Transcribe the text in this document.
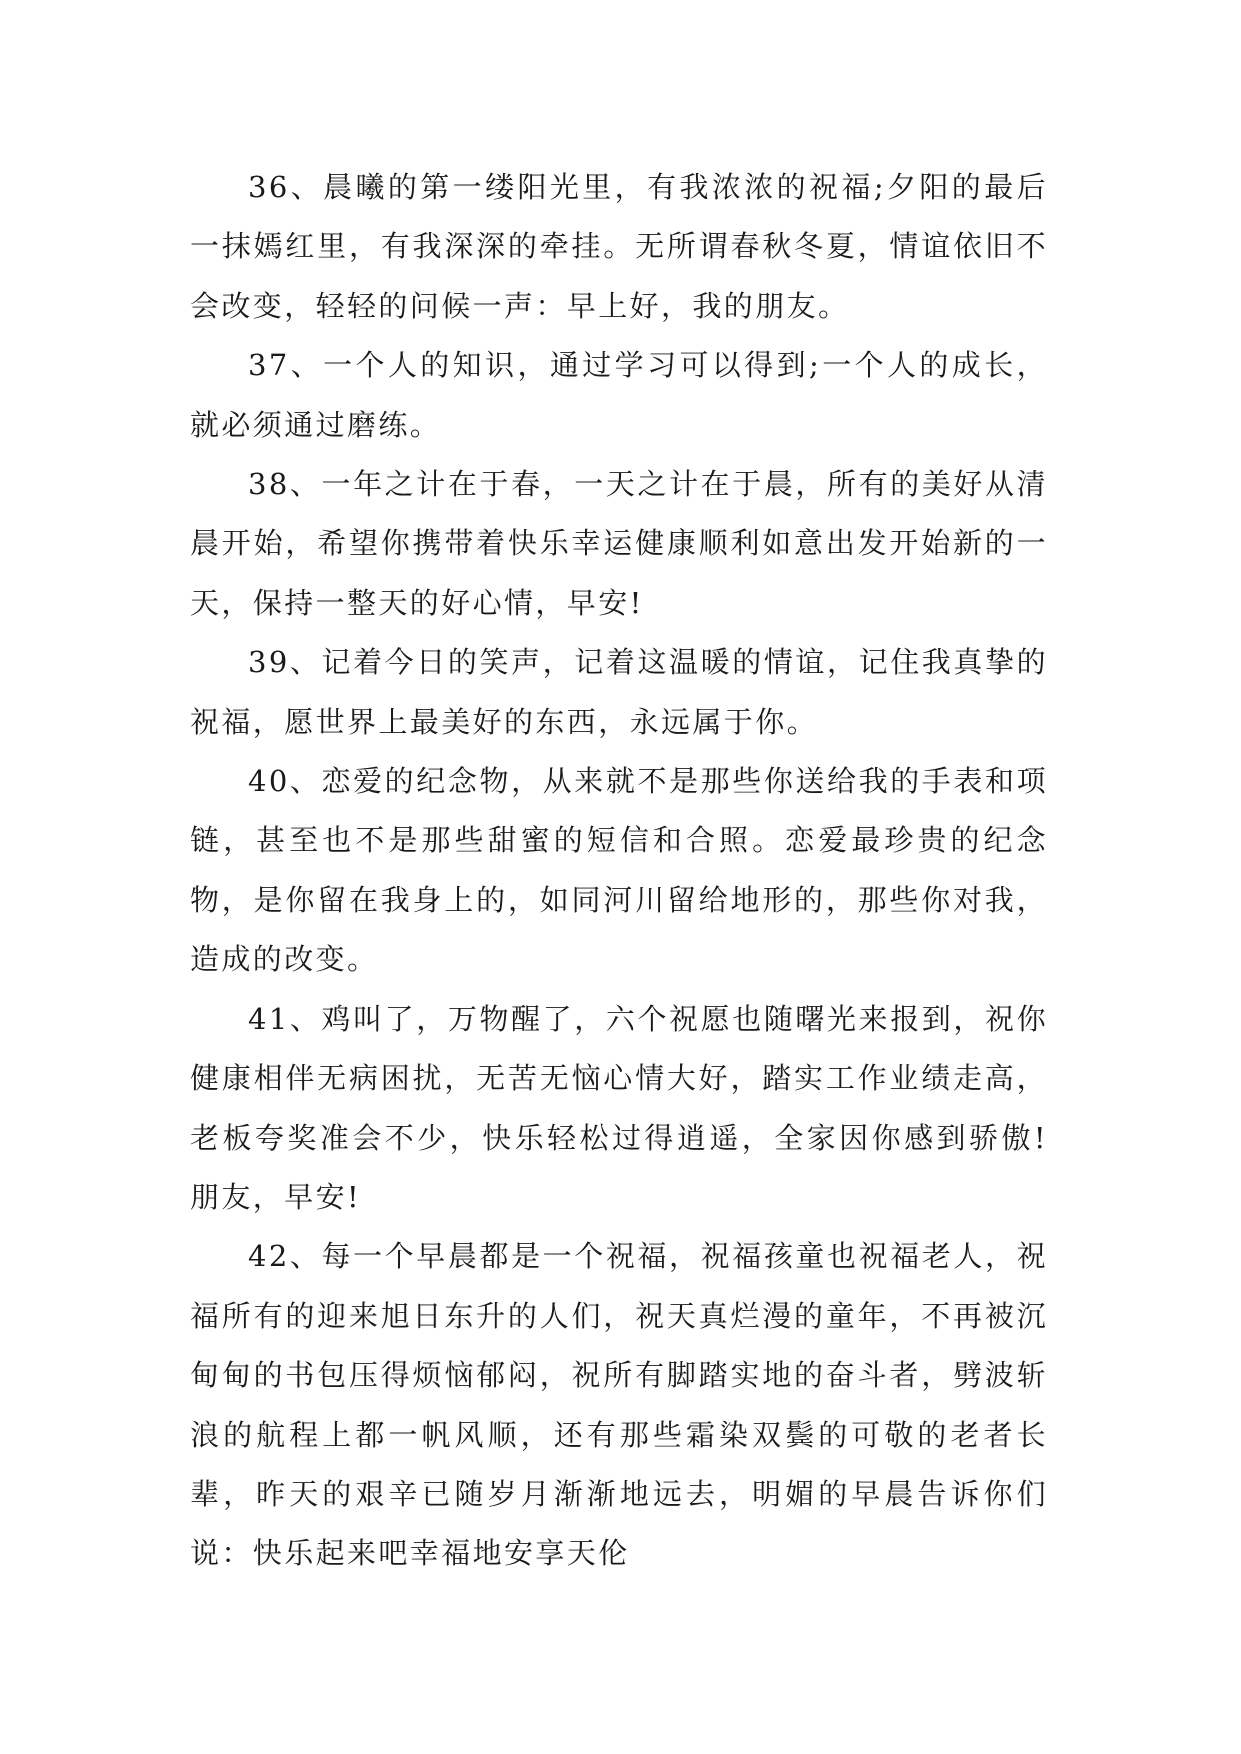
36、晨曦的第一缕阳光里，有我浓浓的祝福;夕阳的最后一抹嫣红里，有我深深的牵挂。无所谓春秋冬夏，情谊依旧不会改变，轻轻的问候一声：早上好，我的朋友。

37、一个人的知识，通过学习可以得到;一个人的成长，就必须通过磨练。

38、一年之计在于春，一天之计在于晨，所有的美好从清晨开始，希望你携带着快乐幸运健康顺利如意出发开始新的一天，保持一整天的好心情，早安!

39、记着今日的笑声，记着这温暖的情谊，记住我真挚的祝福，愿世界上最美好的东西，永远属于你。

40、恋爱的纪念物，从来就不是那些你送给我的手表和项链，甚至也不是那些甜蜜的短信和合照。恋爱最珍贵的纪念物，是你留在我身上的，如同河川留给地形的，那些你对我，造成的改变。

41、鸡叫了，万物醒了，六个祝愿也随曙光来报到，祝你健康相伴无病困扰，无苦无恼心情大好，踏实工作业绩走高，老板夸奖准会不少，快乐轻松过得逍遥，全家因你感到骄傲!朋友，早安!

42、每一个早晨都是一个祝福，祝福孩童也祝福老人，祝福所有的迎来旭日东升的人们，祝天真烂漫的童年，不再被沉甸甸的书包压得烦恼郁闷，祝所有脚踏实地的奋斗者，劈波斩浪的航程上都一帆风顺，还有那些霜染双鬓的可敬的老者长辈，昨天的艰辛已随岁月渐渐地远去，明媚的早晨告诉你们说：快乐起来吧幸福地安享天伦
